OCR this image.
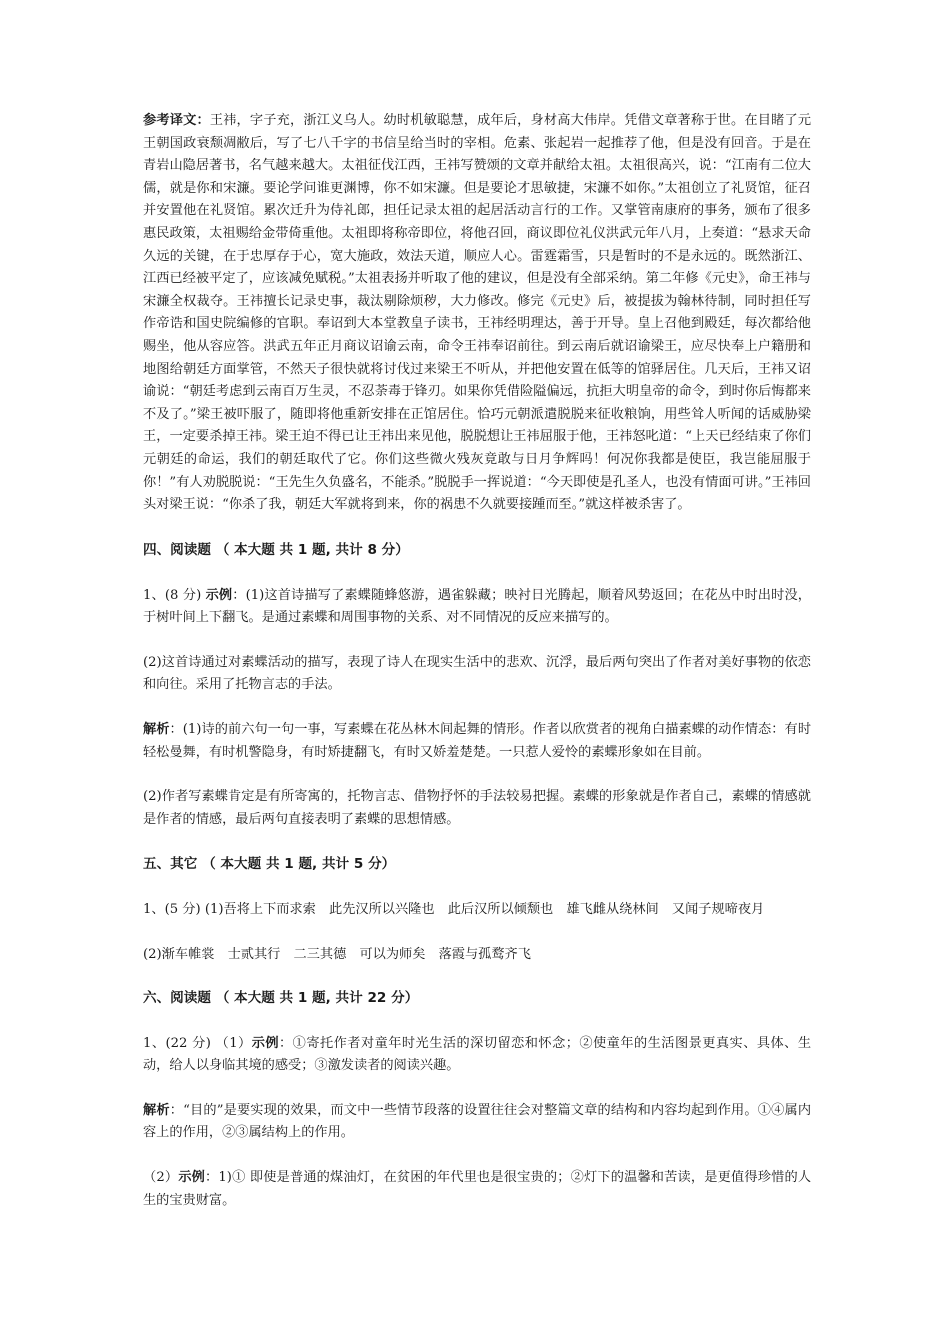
参考译文：王祎，字子充，浙江义乌人。幼时机敏聪慧，成年后，身材高大伟岸。凭借文章著称于世。在目睹了元王朝国政衰颓凋敝后，写了七八千字的书信呈给当时的宰相。危素、张起岩一起推荐了他，但是没有回音。于是在青岩山隐居著书，名气越来越大。太祖征伐江西，王祎写赞颂的文章并献给太祖。太祖很高兴，说：“江南有二位大儒，就是你和宋濂。要论学问谁更渊博，你不如宋濂。但是要论才思敏捷，宋濂不如你。”太祖创立了礼贤馆，征召并安置他在礼贤馆。累次迁升为侍礼郎，担任记录太祖的起居活动言行的工作。又掌管南康府的事务，颁布了很多惠民政策，太祖赐给金带倚重他。太祖即将称帝即位，将他召回，商议即位礼仪洪武元年八月，上奏道：“悬求天命久远的关键，在于忠厚存于心，宽大施政，效法天道，顺应人心。雷霆霜雪，只是暂时的不是永远的。既然浙江、江西已经被平定了，应该减免赋税。”太祖表扬并听取了他的建议，但是没有全部采纳。第二年修《元史》，命王祎与宋濂全权裁夺。王祎擅长记录史事，裁汰剔除烦秽，大力修改。修完《元史》后，被提拔为翰林待制，同时担任写作帝诰和国史院编修的官职。奉诏到大本堂教皇子读书，王祎经明理达，善于开导。皇上召他到殿廷，每次都给他赐坐，他从容应答。洪武五年正月商议诏谕云南，命令王祎奉诏前往。到云南后就诏谕梁王，应尽快奉上户籍册和地图给朝廷方面掌管，不然天子很快就将讨伐过来梁王不听从，并把他安置在低等的馆驿居住。几天后，王祎又诏谕说：“朝廷考虑到云南百万生灵，不忍荼毒于锋刃。如果你凭借险隘偏远，抗拒大明皇帝的命令，到时你后悔都来不及了。”梁王被吓服了，随即将他重新安排在正馆居住。恰巧元朝派遣脱脱来征收粮饷，用些耸人听闻的话威胁梁王，一定要杀掉王祎。梁王迫不得已让王祎出来见他，脱脱想让王祎屈服于他，王祎怒叱道：“上天已经结束了你们元朝廷的命运，我们的朝廷取代了它。你们这些微火残灰竟敢与日月争辉吗！何况你我都是使臣，我岂能屈服于你！”有人劝脱脱说：“王先生久负盛名，不能杀。”脱脱手一挥说道：“今天即使是孔圣人，也没有情面可讲。”王祎回头对梁王说：“你杀了我，朝廷大军就将到来，你的祸患不久就要接踵而至。”就这样被杀害了。

四、阅读题 （ 本大题 共 1 题, 共计 8 分）

1、(8 分) 示例：(1)这首诗描写了素蝶随蜂悠游，遇雀躲藏；映衬日光腾起，顺着风势返回；在花丛中时出时没，于树叶间上下翻飞。是通过素蝶和周围事物的关系、对不同情况的反应来描写的。

(2)这首诗通过对素蝶活动的描写，表现了诗人在现实生活中的悲欢、沉浮，最后两句突出了作者对美好事物的依恋和向往。采用了托物言志的手法。

解析：(1)诗的前六句一句一事，写素蝶在花丛林木间起舞的情形。作者以欣赏者的视角白描素蝶的动作情态：有时轻松曼舞，有时机警隐身，有时矫捷翻飞，有时又娇羞楚楚。一只惹人爱怜的素蝶形象如在目前。

(2)作者写素蝶肯定是有所寄寓的，托物言志、借物抒怀的手法较易把握。素蝶的形象就是作者自己，素蝶的情感就是作者的情感，最后两句直接表明了素蝶的思想情感。

五、其它 （ 本大题 共 1 题, 共计 5 分）

1、(5 分) (1)吾将上下而求索　此先汉所以兴隆也　此后汉所以倾颓也　雄飞雌从绕林间　又闻子规啼夜月

(2)渐车帷裳　士贰其行　二三其德　可以为师矣　落霞与孤鹜齐飞

六、阅读题 （ 本大题 共 1 题, 共计 22 分）

1、(22 分) （1）示例：①寄托作者对童年时光生活的深切留恋和怀念；②使童年的生活图景更真实、具体、生动，给人以身临其境的感受；③激发读者的阅读兴趣。

解析：“目的”是要实现的效果，而文中一些情节段落的设置往往会对整篇文章的结构和内容均起到作用。①④属内容上的作用，②③属结构上的作用。

（2）示例：1)① 即使是普通的煤油灯，在贫困的年代里也是很宝贵的；②灯下的温馨和苦读，是更值得珍惜的人生的宝贵财富。
